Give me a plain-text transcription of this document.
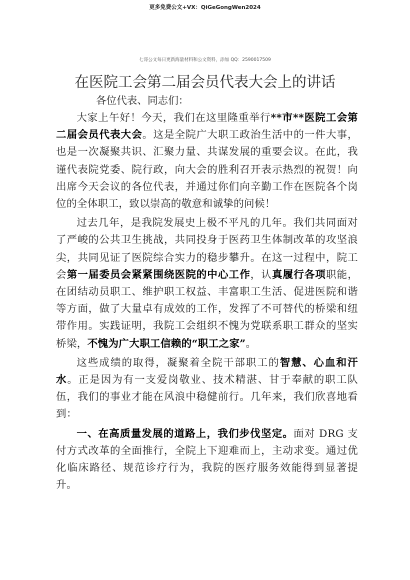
更多免费公文+VX：QiGeGongWen2024
七哥公文每日更新海量材料和公文资料，添加 QQ：2590017509
在医院工会第二届会员代表大会上的讲话
各位代表、同志们：

大家上午好！今天，我们在这里隆重举行**市**医院工会第二届会员代表大会。这是全院广大职工政治生活中的一件大事，也是一次凝聚共识、汇聚力量、共谋发展的重要会议。在此，我谨代表院党委、院行政，向大会的胜利召开表示热烈的祝贺！向出席今天会议的各位代表，并通过你们向辛勤工作在医院各个岗位的全体职工，致以崇高的敬意和诚挚的问候！

过去几年，是我院发展史上极不平凡的几年。我们共同面对了严峻的公共卫生挑战，共同投身于医药卫生体制改革的攻坚浪尖，共同见证了医院综合实力的稳步攀升。在这一过程中，院工会第一届委员会紧紧围绕医院的中心工作，认真履行各项职能，在团结动员职工、维护职工权益、丰富职工生活、促进医院和谐等方面，做了大量卓有成效的工作，发挥了不可替代的桥梁和纽带作用。实践证明，我院工会组织不愧为党联系职工群众的坚实桥梁，不愧为广大职工信赖的“职工之家”。

这些成绩的取得，凝聚着全院干部职工的智慧、心血和汗水。正是因为有一支爱岗敬业、技术精湛、甘于奉献的职工队伍，我们的事业才能在风浪中稳健前行。几年来，我们欣喜地看到：

一、在高质量发展的道路上，我们步伐坚定。面对 DRG 支付方式改革的全面推行，全院上下迎难而上，主动求变。通过优化临床路径、规范诊疗行为，我院的医疗服务效能得到显著提升。
